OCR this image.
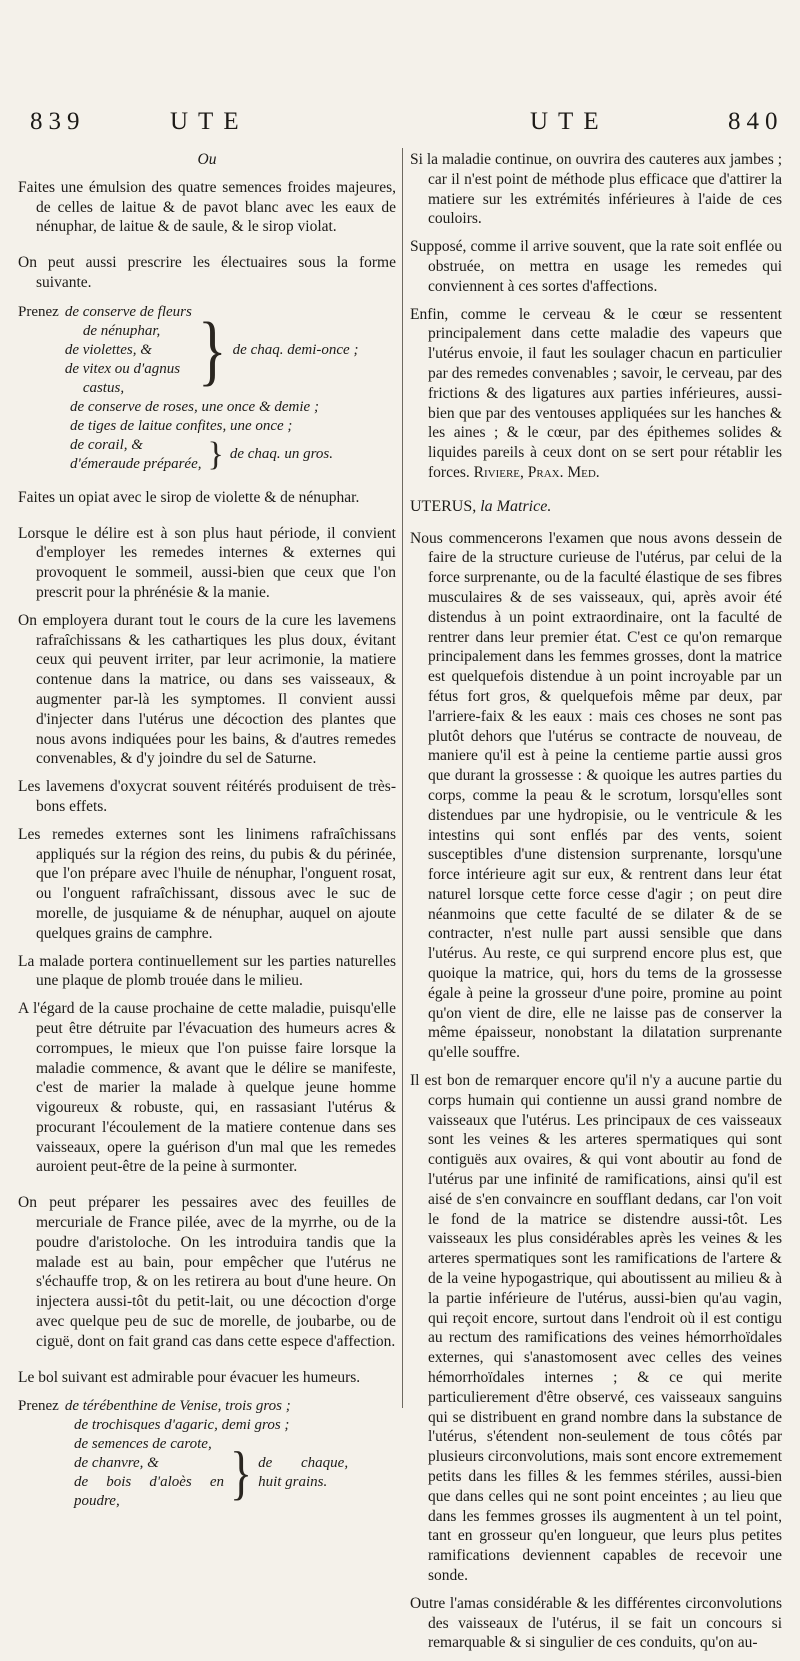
839	UTE	UTE	840

Ou

Faites une émulsion des quatre semences froides majeures, de celles de laitue & de pavot blanc avec les eaux de nénuphar, de laitue & de saule, & le sirop violat.

On peut aussi prescrire les électuaires sous la forme suivante.

Prenez de conserve de fleurs
de nénuphar,
de violettes, &
de vitex ou d'agnus
castus,	} de chaq. demi-once ;
de conserve de roses, une once & demie ;
de tiges de laitue confites, une once ;
de corail, &
d'émeraude préparée, } de chaq. un gros.

Faites un opiat avec le sirop de violette & de nénuphar.

Lorsque le délire est à son plus haut période, il convient d'employer les remedes internes & externes qui provoquent le sommeil, aussi-bien que ceux que l'on prescrit pour la phrénésie & la manie.

On employera durant tout le cours de la cure les lavemens rafraîchissans & les cathartiques les plus doux, évitant ceux qui peuvent irriter, par leur acrimonie, la matiere contenue dans la matrice, ou dans ses vaisseaux, & augmenter par-là les symptomes. Il convient aussi d'injecter dans l'utérus une décoction des plantes que nous avons indiquées pour les bains, & d'autres remedes convenables, & d'y joindre du sel de Saturne.

Les lavemens d'oxycrat souvent réitérés produisent de très-bons effets.

Les remedes externes sont les linimens rafraîchissans appliqués sur la région des reins, du pubis & du périnée, que l'on prépare avec l'huile de nénuphar, l'onguent rosat, ou l'onguent rafraîchissant, dissous avec le suc de morelle, de jusquiame & de nénuphar, auquel on ajoute quelques grains de camphre.

La malade portera continuellement sur les parties naturelles une plaque de plomb trouée dans le milieu.

A l'égard de la cause prochaine de cette maladie, puisqu'elle peut être détruite par l'évacuation des humeurs acres & corrompues, le mieux que l'on puisse faire lorsque la maladie commence, & avant que le délire se manifeste, c'est de marier la malade à quelque jeune homme vigoureux & robuste, qui, en rassasiant l'utérus & procurant l'écoulement de la matiere contenue dans ses vaisseaux, opere la guérison d'un mal que les remedes auroient peut-être de la peine à surmonter.

On peut préparer les pessaires avec des feuilles de mercuriale de France pilée, avec de la myrrhe, ou de la poudre d'aristoloche. On les introduira tandis que la malade est au bain, pour empêcher que l'utérus ne s'échauffe trop, & on les retirera au bout d'une heure. On injectera aussi-tôt du petit-lait, ou une décoction d'orge avec quelque peu de suc de morelle, de joubarbe, ou de ciguë, dont on fait grand cas dans cette espece d'affection.

Le bol suivant est admirable pour évacuer les humeurs.

Prenez de térébenthine de Venise, trois gros ;
de trochisques d'agaric, demi gros ;
de semences de carote,
de chanvre, &
de bois d'aloès en poudre,	} de chaque, huit grains.

Si la maladie continue, on ouvrira des cauteres aux jambes ; car il n'est point de méthode plus efficace que d'attirer la matiere sur les extrémités inférieures à l'aide de ces couloirs.

Supposé, comme il arrive souvent, que la rate soit enflée ou obstruée, on mettra en usage les remedes qui conviennent à ces sortes d'affections.

Enfin, comme le cerveau & le cœur se ressentent principalement dans cette maladie des vapeurs que l'utérus envoie, il faut les soulager chacun en particulier par des remedes convenables ; savoir, le cerveau, par des frictions & des ligatures aux parties inférieures, aussi-bien que par des ventouses appliquées sur les hanches & les aines ; & le cœur, par des épithemes solides & liquides pareils à ceux dont on se sert pour rétablir les forces. Riviere, Prax. Med.

UTERUS, la Matrice.

Nous commencerons l'examen que nous avons dessein de faire de la structure curieuse de l'utérus, par celui de la force surprenante, ou de la faculté élastique de ses fibres musculaires & de ses vaisseaux, qui, après avoir été distendus à un point extraordinaire, ont la faculté de rentrer dans leur premier état. C'est ce qu'on remarque principalement dans les femmes grosses, dont la matrice est quelquefois distendue à un point incroyable par un fétus fort gros, & quelquefois même par deux, par l'arriere-faix & les eaux : mais ces choses ne sont pas plutôt dehors que l'utérus se contracte de nouveau, de maniere qu'il est à peine la centieme partie aussi gros que durant la grossesse : & quoique les autres parties du corps, comme la peau & le scrotum, lorsqu'elles sont distendues par une hydropisie, ou le ventricule & les intestins qui sont enflés par des vents, soient susceptibles d'une distension surprenante, lorsqu'une force intérieure agit sur eux, & rentrent dans leur état naturel lorsque cette force cesse d'agir ; on peut dire néanmoins que cette faculté de se dilater & de se contracter, n'est nulle part aussi sensible que dans l'utérus. Au reste, ce qui surprend encore plus est, que quoique la matrice, qui, hors du tems de la grossesse égale à peine la grosseur d'une poire, promine au point qu'on vient de dire, elle ne laisse pas de conserver la même épaisseur, nonobstant la dilatation surprenante qu'elle souffre.

Il est bon de remarquer encore qu'il n'y a aucune partie du corps humain qui contienne un aussi grand nombre de vaisseaux que l'utérus. Les principaux de ces vaisseaux sont les veines & les arteres spermatiques qui sont contiguës aux ovaires, & qui vont aboutir au fond de l'utérus par une infinité de ramifications, ainsi qu'il est aisé de s'en convaincre en soufflant dedans, car l'on voit le fond de la matrice se distendre aussi-tôt. Les vaisseaux les plus considérables après les veines & les arteres spermatiques sont les ramifications de l'artere & de la veine hypogastrique, qui aboutissent au milieu & à la partie inférieure de l'utérus, aussi-bien qu'au vagin, qui reçoit encore, surtout dans l'endroit où il est contigu au rectum des ramifications des veines hémorrhoïdales externes, qui s'anastomosent avec celles des veines hémorrhoïdales internes ; & ce qui merite particulierement d'être observé, ces vaisseaux sanguins qui se distribuent en grand nombre dans la substance de l'utérus, s'étendent non-seulement de tous côtés par plusieurs circonvolutions, mais sont encore extremement petits dans les filles & les femmes stériles, aussi-bien que dans celles qui ne sont point enceintes ; au lieu que dans les femmes grosses ils augmentent à un tel point, tant en grosseur qu'en longueur, que leurs plus petites ramifications deviennent capables de recevoir une sonde.

Outre l'amas considérable & les différentes circonvolutions des vaisseaux de l'utérus, il se fait un concours si remarquable & si singulier de ces conduits, qu'on au-
